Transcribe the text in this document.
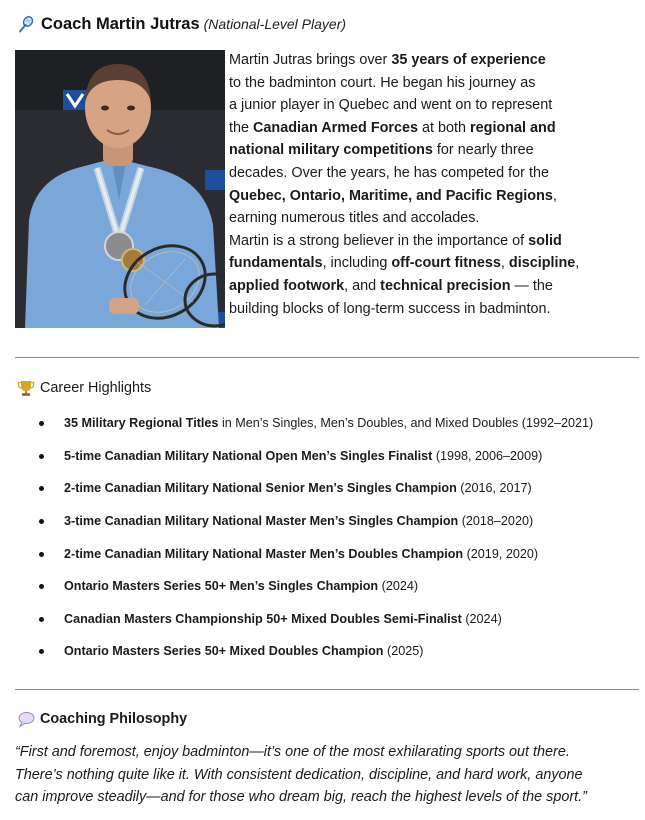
Coach Martin Jutras (National-Level Player)
Martin Jutras brings over 35 years of experience
to the badminton court. He began his journey as
a junior player in Quebec and went on to represent
the Canadian Armed Forces at both regional and
national military competitions for nearly three
decades. Over the years, he has competed for the
Quebec, Ontario, Maritime, and Pacific Regions,
earning numerous titles and accolades.
Martin is a strong believer in the importance of solid
fundamentals, including off-court fitness, discipline,
applied footwork, and technical precision — the
building blocks of long-term success in badminton.
Career Highlights
35 Military Regional Titles in Men’s Singles, Men’s Doubles, and Mixed Doubles (1992–2021)
5-time Canadian Military National Open Men’s Singles Finalist (1998, 2006–2009)
2-time Canadian Military National Senior Men’s Singles Champion (2016, 2017)
3-time Canadian Military National Master Men’s Singles Champion (2018–2020)
2-time Canadian Military National Master Men’s Doubles Champion (2019, 2020)
Ontario Masters Series 50+ Men’s Singles Champion (2024)
Canadian Masters Championship 50+ Mixed Doubles Semi-Finalist (2024)
Ontario Masters Series 50+ Mixed Doubles Champion (2025)
Coaching Philosophy
“First and foremost, enjoy badminton—it’s one of the most exhilarating sports out there.
There’s nothing quite like it. With consistent dedication, discipline, and hard work, anyone
can improve steadily—and for those who dream big, reach the highest levels of the sport.”
